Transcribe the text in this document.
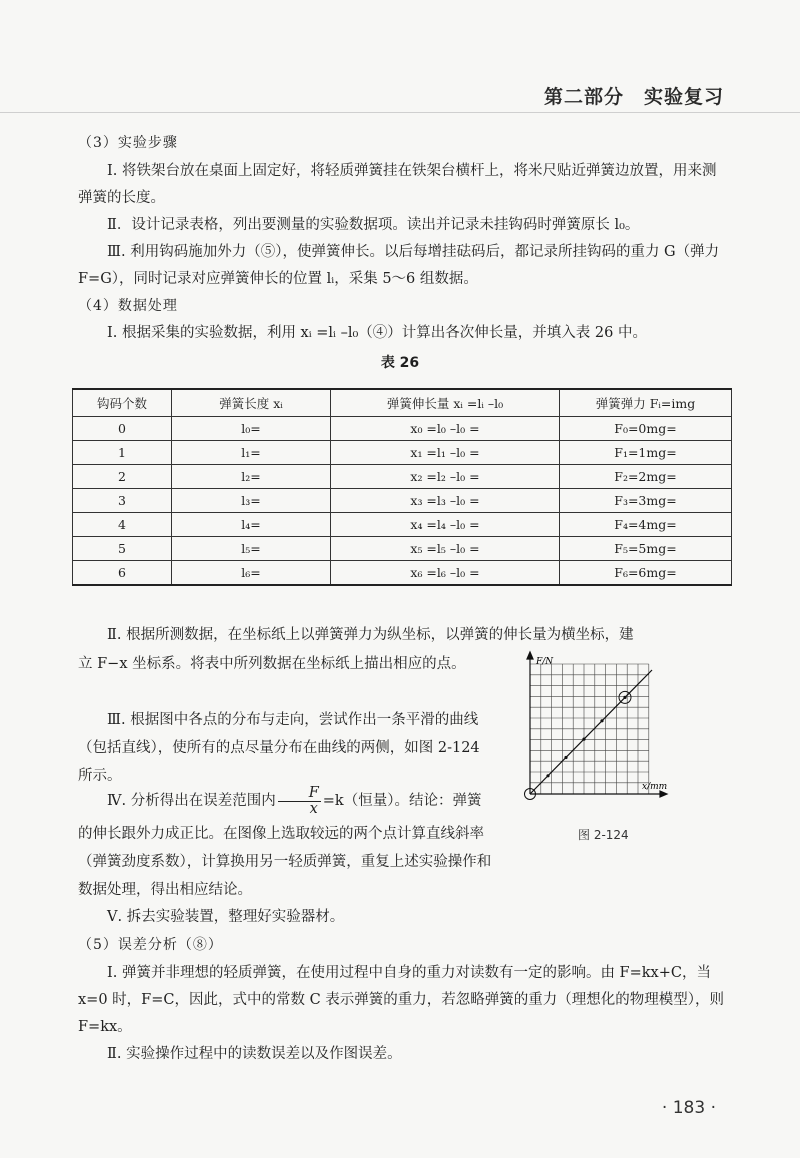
第二部分　实验复习
（3）实验步骤
Ⅰ. 将铁架台放在桌面上固定好，将轻质弹簧挂在铁架台横杆上，将米尺贴近弹簧边放置，用来测弹簧的长度。
Ⅱ．设计记录表格，列出要测量的实验数据项。读出并记录未挂钩码时弹簧原长 l₀。
Ⅲ. 利用钩码施加外力（⑤），使弹簧伸长。以后每增挂砝码后，都记录所挂钩码的重力 G（弹力 F=G），同时记录对应弹簧伸长的位置 lᵢ，采集 5～6 组数据。
（4）数据处理
Ⅰ. 根据采集的实验数据，利用 xᵢ =lᵢ –l₀（④）计算出各次伸长量，并填入表 26 中。
表 26
钩码个数	弹簧长度 xᵢ	弹簧伸长量 xᵢ =lᵢ –l₀	弹簧弹力 Fᵢ=img
0	l₀=	x₀ =l₀ –l₀ =	F₀=0mg=
1	l₁=	x₁ =l₁ –l₀ =	F₁=1mg=
2	l₂=	x₂ =l₂ –l₀ =	F₂=2mg=
3	l₃=	x₃ =l₃ –l₀ =	F₃=3mg=
4	l₄=	x₄ =l₄ –l₀ =	F₄=4mg=
5	l₅=	x₅ =l₅ –l₀ =	F₅=5mg=
6	l₆=	x₆ =l₆ –l₀ =	F₆=6mg=
Ⅱ. 根据所测数据，在坐标纸上以弹簧弹力为纵坐标，以弹簧的伸长量为横坐标，建
立 F−x 坐标系。将表中所列数据在坐标纸上描出相应的点。
Ⅲ. 根据图中各点的分布与走向，尝试作出一条平滑的曲线（包括直线），使所有的点尽量分布在曲线的两侧，如图 2-124 所示。
Ⅳ. 分析得出在误差范围内 $\frac{F}{x} =k$（恒量）。结论：弹簧
的伸长跟外力成正比。在图像上选取较远的两个点计算直线斜率（弹簧劲度系数），计算换用另一轻质弹簧，重复上述实验操作和数据处理，得出相应结论。
Ⅴ. 拆去实验装置，整理好实验器材。
F/N
x/mm
图 2-124
（5）误差分析（⑧）
Ⅰ. 弹簧并非理想的轻质弹簧，在使用过程中自身的重力对读数有一定的影响。由 F=kx+C，当 x=0 时，F=C，因此，式中的常数 C 表示弹簧的重力，若忽略弹簧的重力（理想化的物理模型），则 F=kx。
Ⅱ. 实验操作过程中的读数误差以及作图误差。
· 183 ·
